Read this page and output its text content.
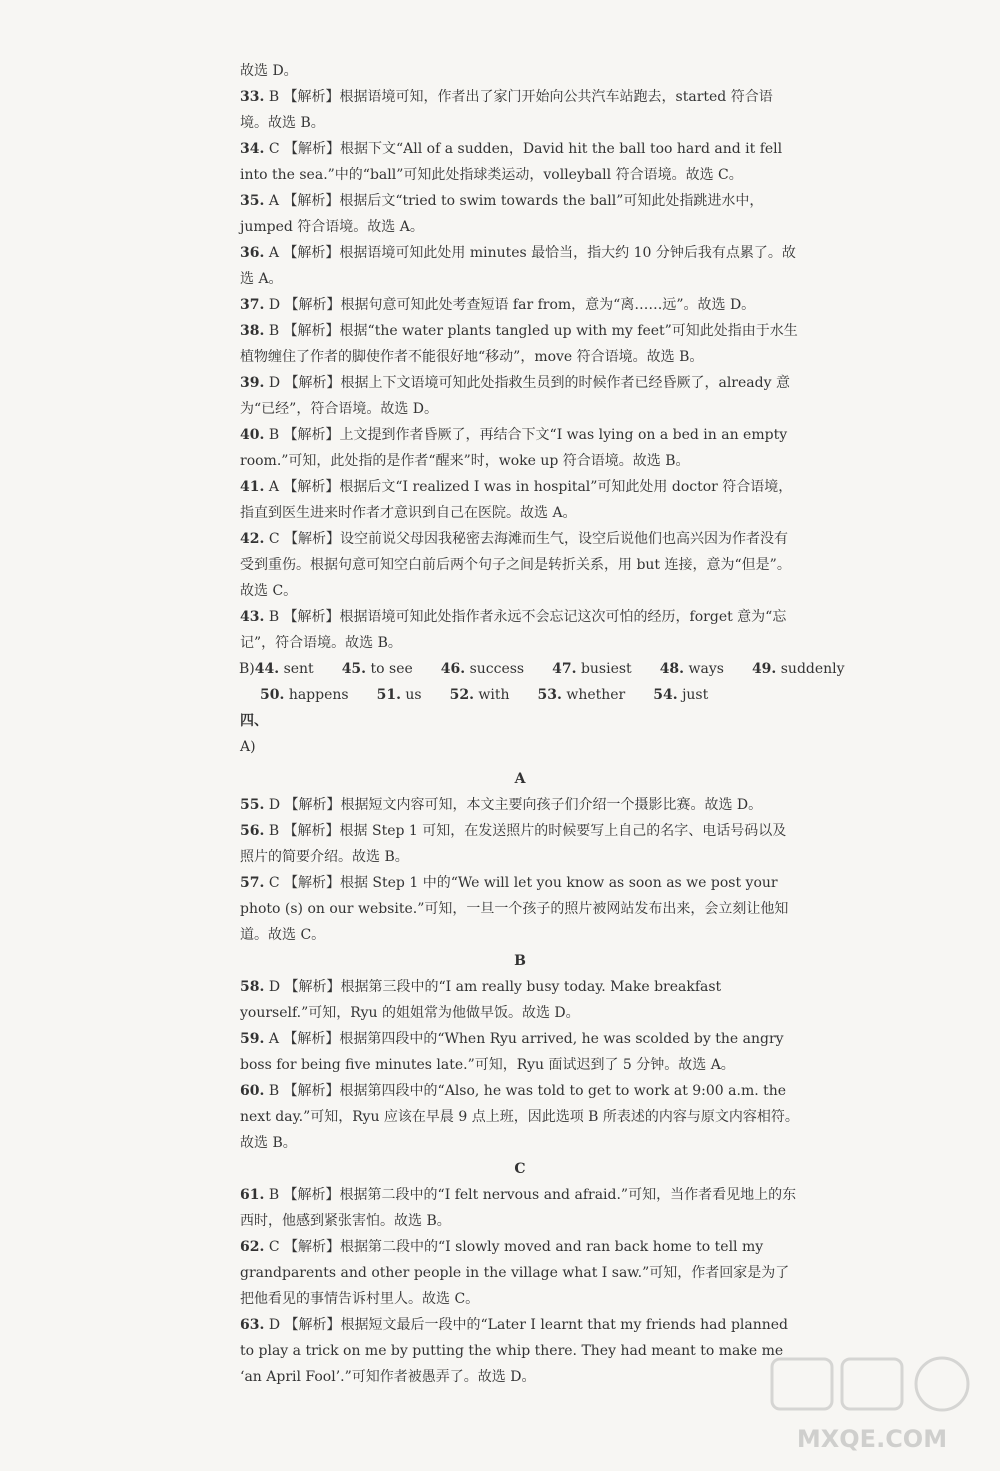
故选 D。

33. B 【解析】根据语境可知，作者出了家门开始向公共汽车站跑去，started 符合语境。故选 B。

34. C 【解析】根据下文“All of a sudden，David hit the ball too hard and it fell into the sea.”中的“ball”可知此处指球类运动，volleyball 符合语境。故选 C。

35. A 【解析】根据后文“tried to swim towards the ball”可知此处指跳进水中，jumped 符合语境。故选 A。

36. A 【解析】根据语境可知此处用 minutes 最恰当，指大约 10 分钟后我有点累了。故选 A。

37. D 【解析】根据句意可知此处考查短语 far from，意为“离……远”。故选 D。

38. B 【解析】根据“the water plants tangled up with my feet”可知此处指由于水生植物缠住了作者的脚使作者不能很好地“移动”，move 符合语境。故选 B。

39. D 【解析】根据上下文语境可知此处指救生员到的时候作者已经昏厥了，already 意为“已经”，符合语境。故选 D。

40. B 【解析】上文提到作者昏厥了，再结合下文“I was lying on a bed in an empty room.”可知，此处指的是作者“醒来”时，woke up 符合语境。故选 B。

41. A 【解析】根据后文“I realized I was in hospital”可知此处用 doctor 符合语境，指直到医生进来时作者才意识到自己在医院。故选 A。

42. C 【解析】设空前说父母因我秘密去海滩而生气，设空后说他们也高兴因为作者没有受到重伤。根据句意可知空白前后两个句子之间是转折关系，用 but 连接，意为“但是”。故选 C。

43. B 【解析】根据语境可知此处指作者永远不会忘记这次可怕的经历，forget 意为“忘记”，符合语境。故选 B。

B)44. sent   45. to see   46. success   47. busiest   48. ways   49. suddenly  
50. happens   51. us   52. with   53. whether   54. just  
四、
A)
A

55. D 【解析】根据短文内容可知，本文主要向孩子们介绍一个摄影比赛。故选 D。

56. B 【解析】根据 Step 1 可知，在发送照片的时候要写上自己的名字、电话号码以及照片的简要介绍。故选 B。

57. C 【解析】根据 Step 1 中的“We will let you know as soon as we post your photo (s) on our website.”可知，一旦一个孩子的照片被网站发布出来，会立刻让他知道。故选 C。

B

58. D 【解析】根据第三段中的“I am really busy today. Make breakfast yourself.”可知，Ryu 的姐姐常为他做早饭。故选 D。

59. A 【解析】根据第四段中的“When Ryu arrived, he was scolded by the angry boss for being five minutes late.”可知，Ryu 面试迟到了 5 分钟。故选 A。

60. B 【解析】根据第四段中的“Also, he was told to get to work at 9:00 a.m. the next day.”可知，Ryu 应该在早晨 9 点上班，因此选项 B 所表述的内容与原文内容相符。故选 B。

C

61. B 【解析】根据第二段中的“I felt nervous and afraid.”可知，当作者看见地上的东西时，他感到紧张害怕。故选 B。

62. C 【解析】根据第二段中的“I slowly moved and ran back home to tell my grandparents and other people in the village what I saw.”可知，作者回家是为了把他看见的事情告诉村里人。故选 C。

63. D 【解析】根据短文最后一段中的“Later I learnt that my friends had planned to play a trick on me by putting the whip there. They had meant to make me ‘an April Fool’.”可知作者被愚弄了。故选 D。

MXQE.COM
